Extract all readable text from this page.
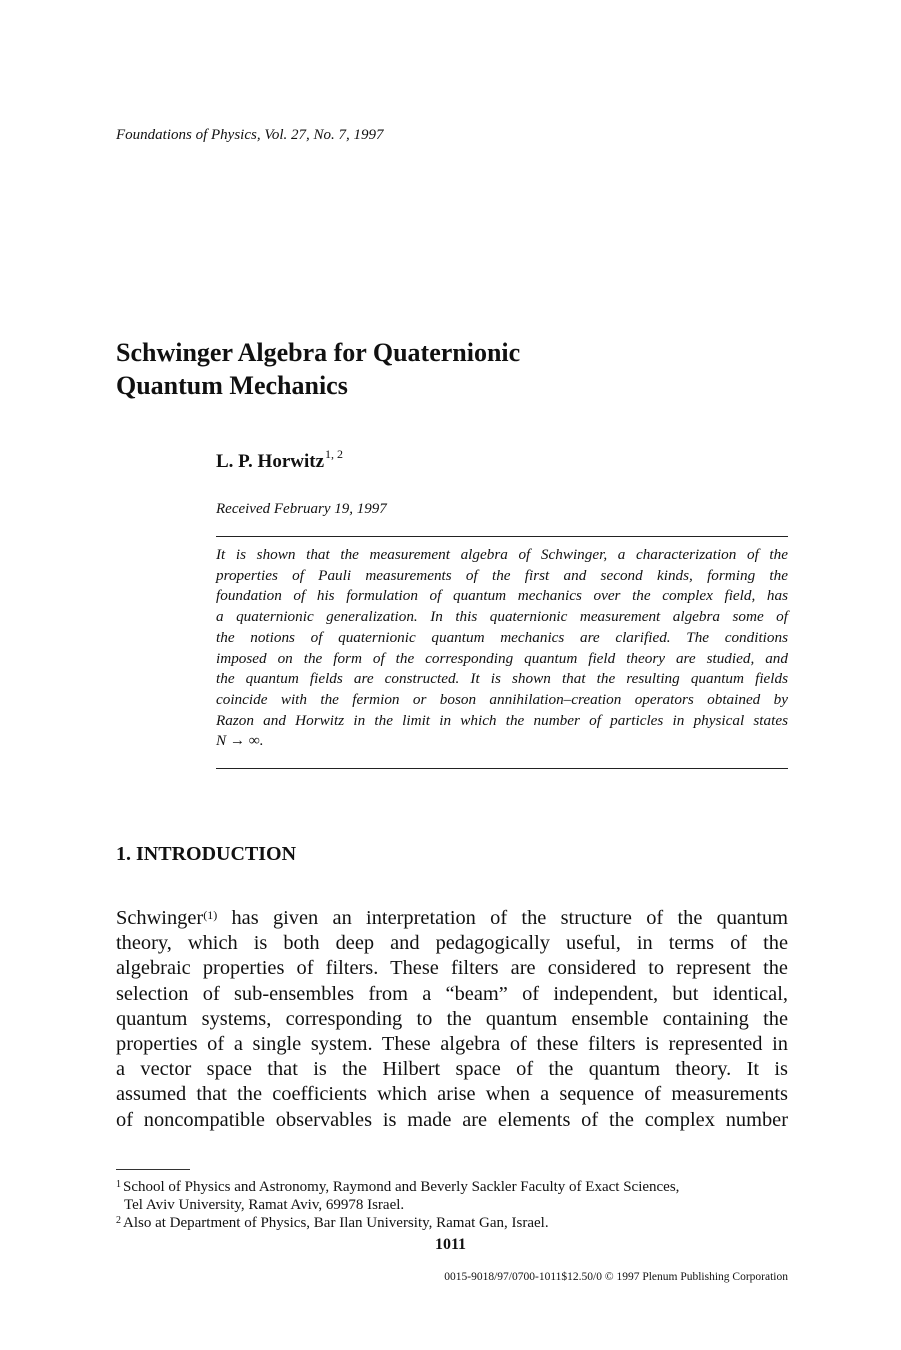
Foundations of Physics, Vol. 27, No. 7, 1997
Schwinger Algebra for Quaternionic
Quantum Mechanics
L. P. Horwitz$^{1, 2}$
Received February 19, 1997
It is shown that the measurement algebra of Schwinger, a characterization of the
properties of Pauli measurements of the first and second kinds, forming the
foundation of his formulation of quantum mechanics over the complex field, has
a quaternionic generalization. In this quaternionic measurement algebra some of
the notions of quaternionic quantum mechanics are clarified. The conditions
imposed on the form of the corresponding quantum field theory are studied, and
the quantum fields are constructed. It is shown that the resulting quantum fields
coincide with the fermion or boson annihilation–creation operators obtained by
Razon and Horwitz in the limit in which the number of particles in physical states
N → ∞.
1. INTRODUCTION
Schwinger$^{(1)}$ has given an interpretation of the structure of the quantum
theory, which is both deep and pedagogically useful, in terms of the
algebraic properties of filters. These filters are considered to represent the
selection of sub-ensembles from a “beam” of independent, but identical,
quantum systems, corresponding to the quantum ensemble containing the
properties of a single system. These algebra of these filters is represented in
a vector space that is the Hilbert space of the quantum theory. It is
assumed that the coefficients which arise when a sequence of measurements
of noncompatible observables is made are elements of the complex number
$^1$ School of Physics and Astronomy, Raymond and Beverly Sackler Faculty of Exact Sciences,
Tel Aviv University, Ramat Aviv, 69978 Israel.
$^2$ Also at Department of Physics, Bar Ilan University, Ramat Gan, Israel.
1011
0015-9018/97/0700-1011$12.50/0 © 1997 Plenum Publishing Corporation
